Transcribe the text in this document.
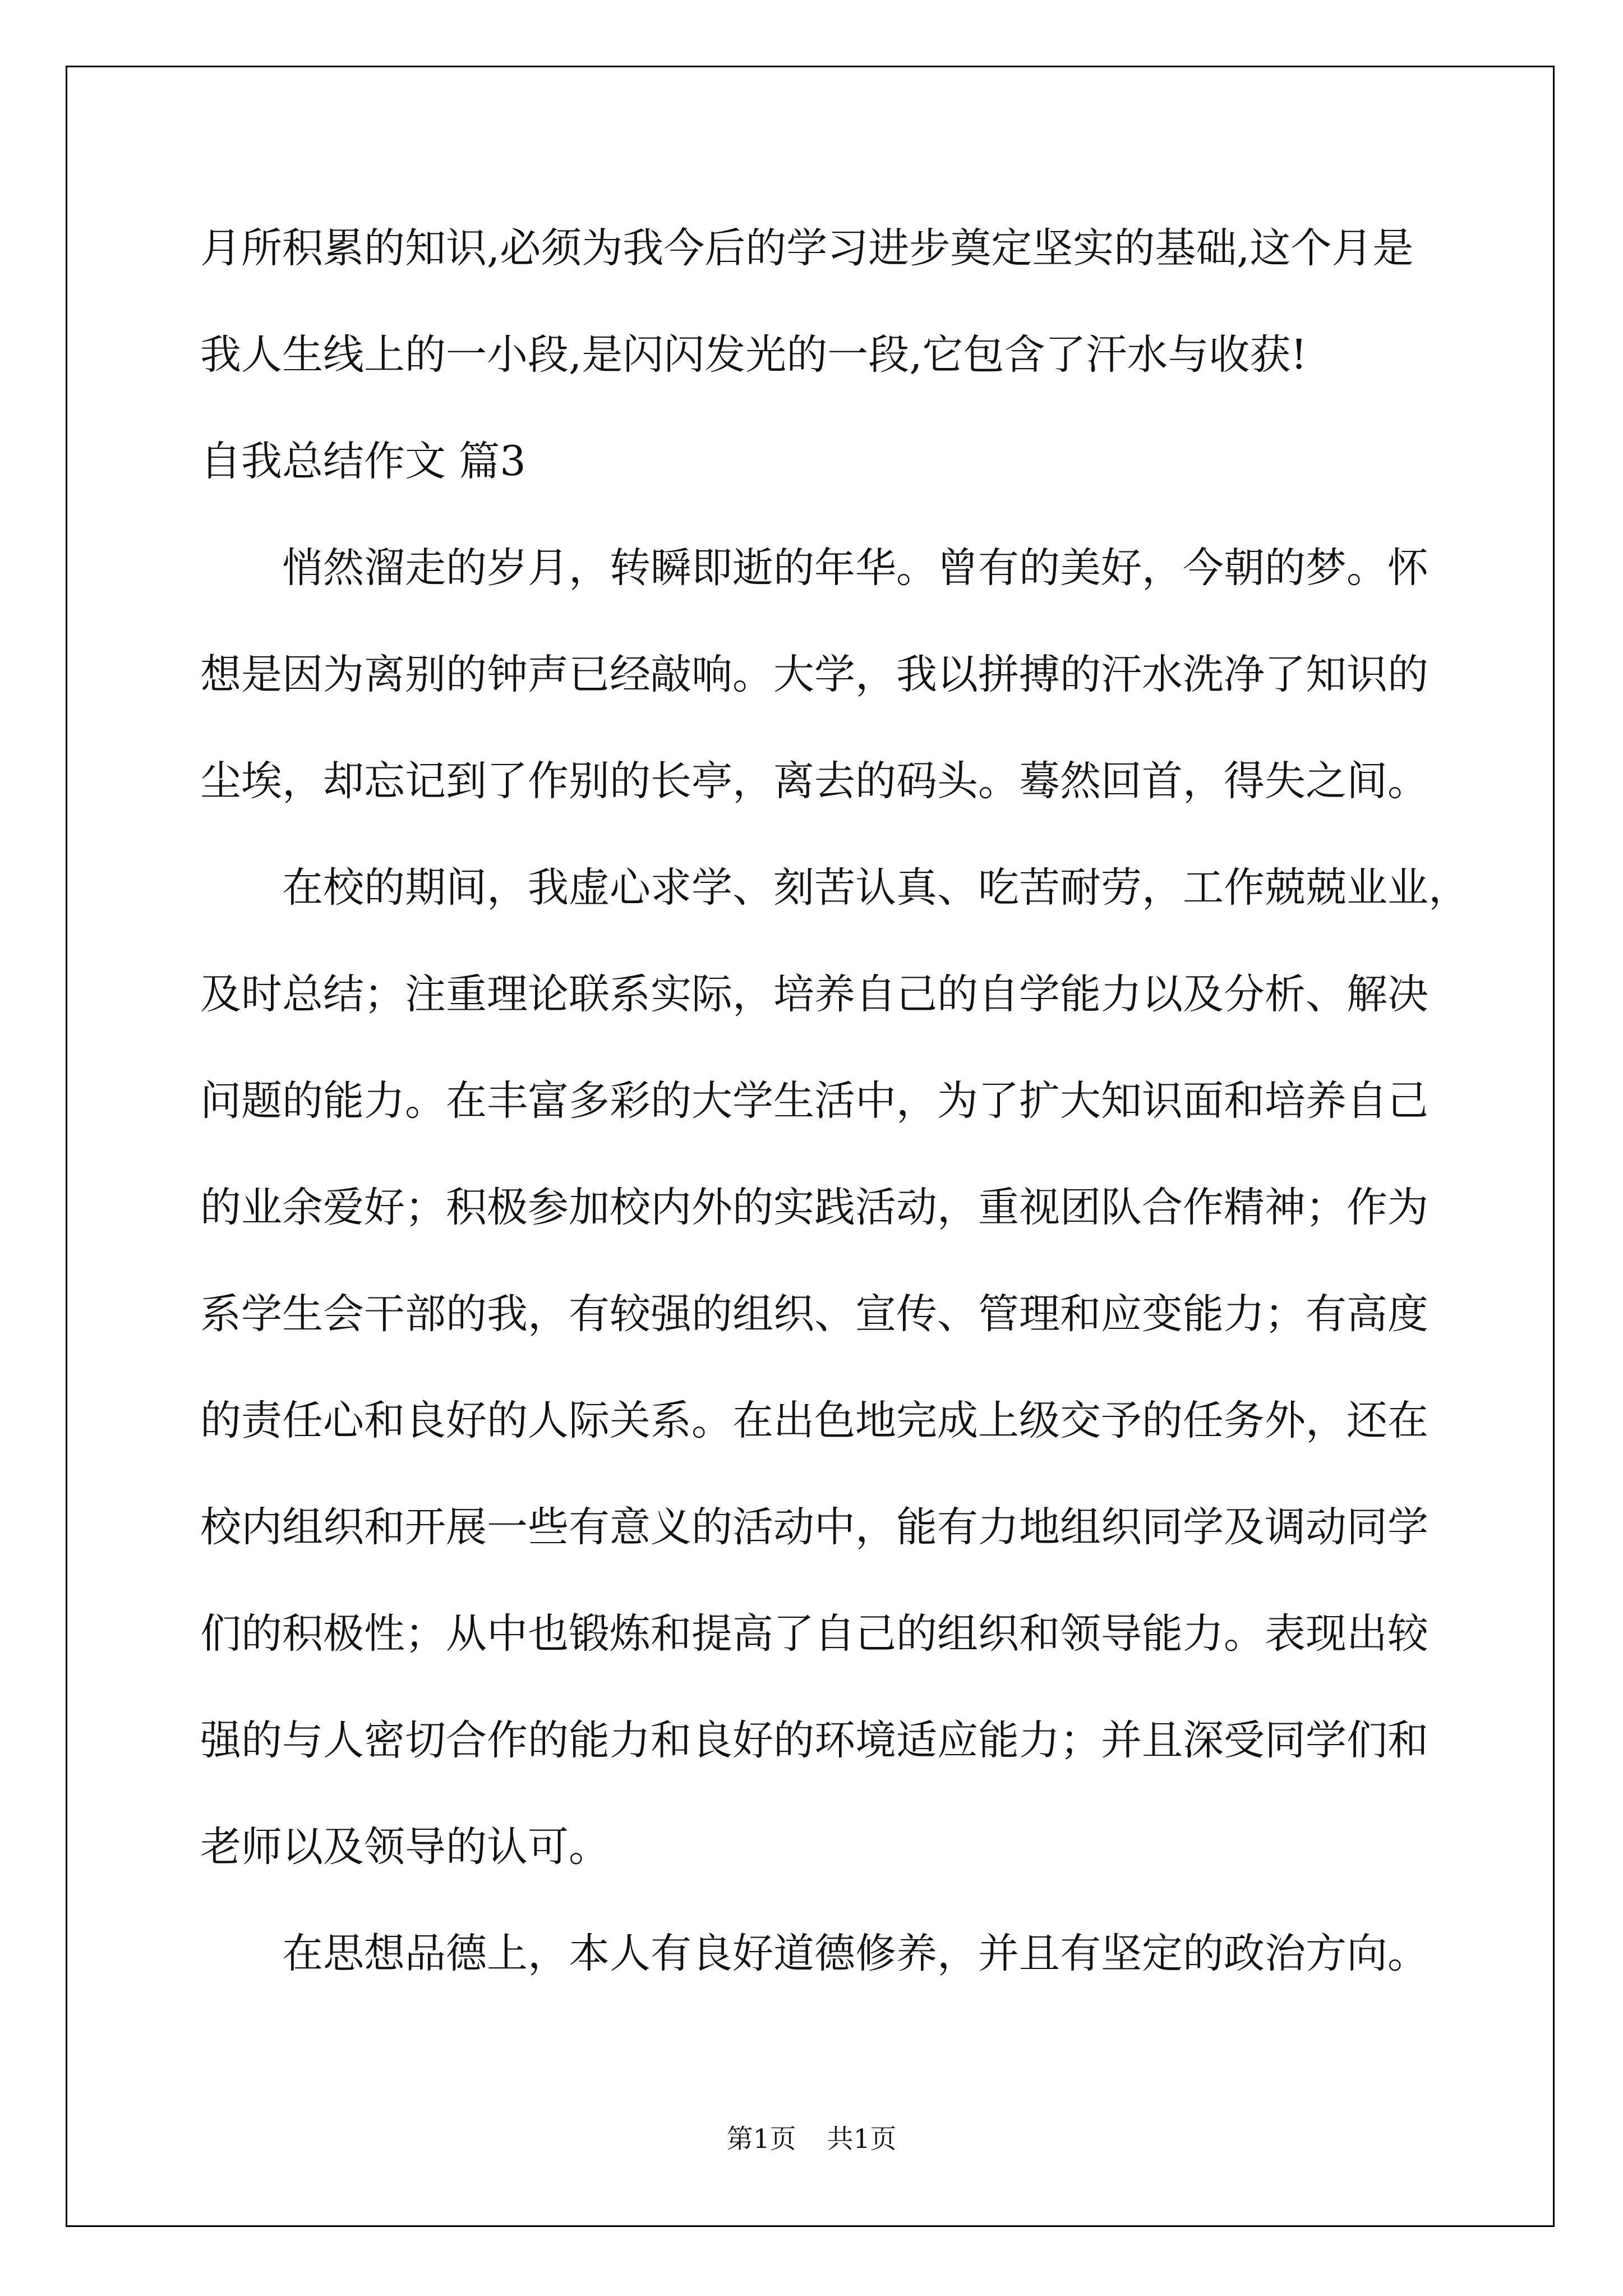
月所积累的知识,必须为我今后的学习进步奠定坚实的基础,这个月是
我人生线上的一小段,是闪闪发光的一段,它包含了汗水与收获!
自我总结作文 篇3
悄然溜走的岁月，转瞬即逝的年华。曾有的美好，今朝的梦。怀
想是因为离别的钟声已经敲响。大学，我以拼搏的汗水洗净了知识的
尘埃，却忘记到了作别的长亭，离去的码头。蓦然回首，得失之间。
在校的期间，我虚心求学、刻苦认真、吃苦耐劳，工作兢兢业业，
及时总结；注重理论联系实际，培养自己的自学能力以及分析、解决
问题的能力。在丰富多彩的大学生活中，为了扩大知识面和培养自己
的业余爱好；积极参加校内外的实践活动，重视团队合作精神；作为
系学生会干部的我，有较强的组织、宣传、管理和应变能力；有高度
的责任心和良好的人际关系。在出色地完成上级交予的任务外，还在
校内组织和开展一些有意义的活动中，能有力地组织同学及调动同学
们的积极性；从中也锻炼和提高了自己的组织和领导能力。表现出较
强的与人密切合作的能力和良好的环境适应能力；并且深受同学们和
老师以及领导的认可。
在思想品德上，本人有良好道德修养，并且有坚定的政治方向。
第1页 共1页
